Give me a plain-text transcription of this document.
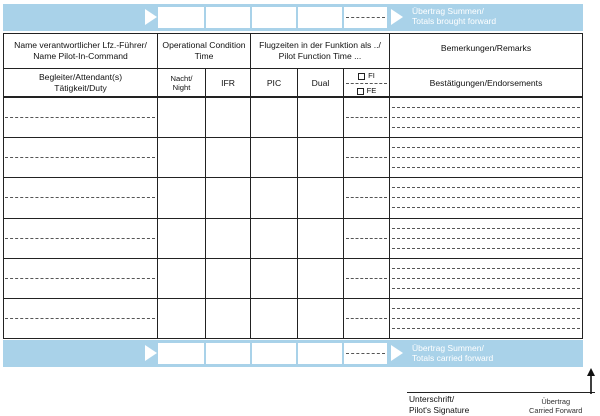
Übertrag Summen/
Totals brought forward
Übertrag Summen/
Totals carried forward
Name verantwortlicher Lfz.-Führer/
Name Pilot-In-Command
Begleiter/Attendant(s)
Tätigkeit/Duty
Operational Condition
Time
Nacht/
Night	IFR
Flugzeiten in der Funktion als ../
Pilot Function Time ...
PIC	Dual
FI
FE
Bemerkungen/Remarks
Bestätigungen/Endorsements
Unterschrift/
Pilot's Signature
Übertrag
Carried Forward
